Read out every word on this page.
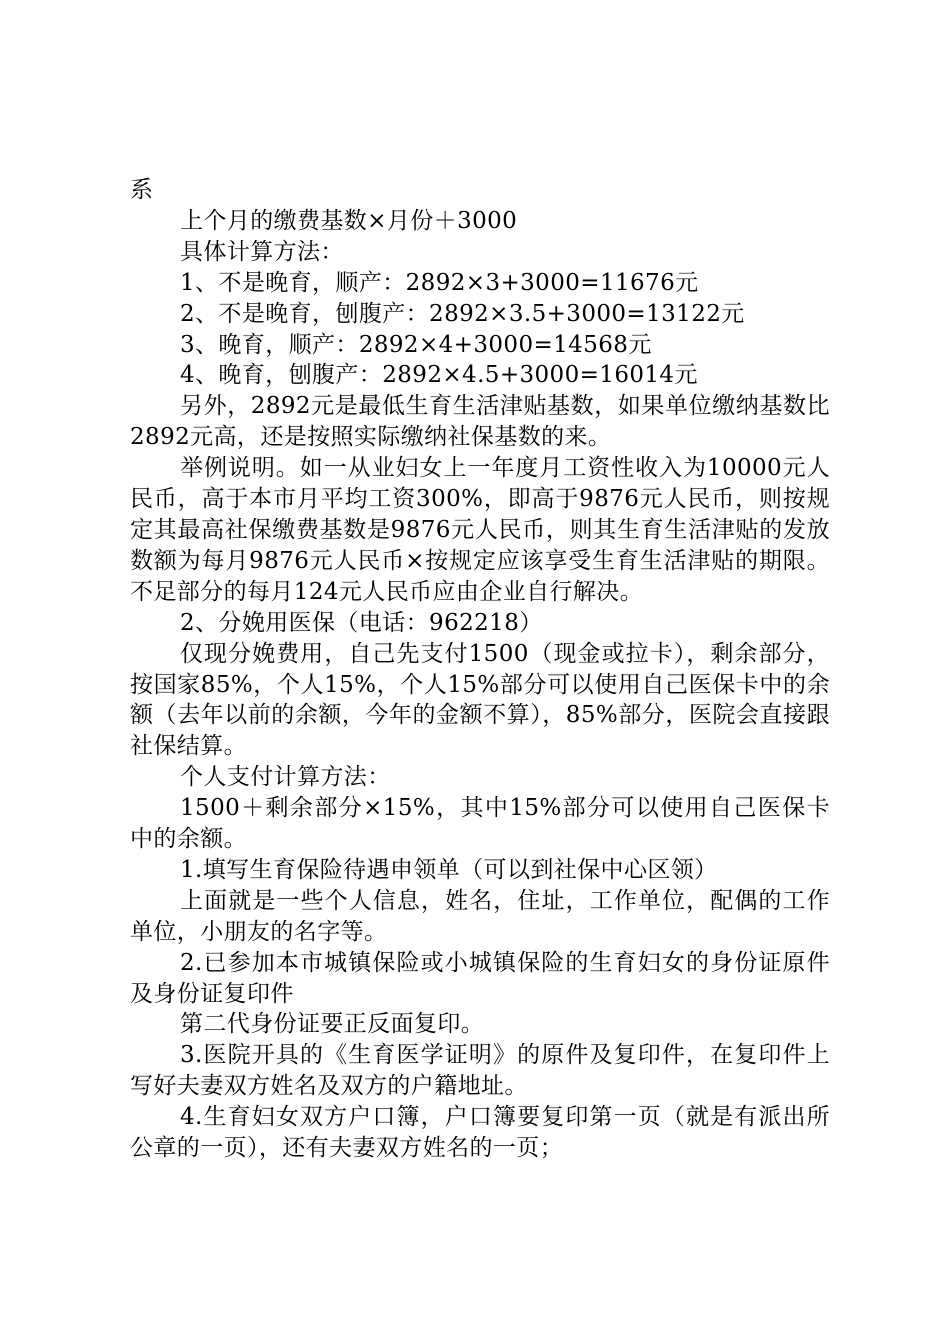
系

上个月的缴费基数×月份＋3000

具体计算方法：

1、不是晚育，顺产：2892×3+3000=11676元

2、不是晚育，刨腹产：2892×3.5+3000=13122元

3、晚育，顺产：2892×4+3000=14568元

4、晚育，刨腹产：2892×4.5+3000=16014元

另外，2892元是最低生育生活津贴基数，如果单位缴纳基数比2892元高，还是按照实际缴纳社保基数的来。

举例说明。如一从业妇女上一年度月工资性收入为10000元人民币，高于本市月平均工资300%，即高于9876元人民币，则按规定其最高社保缴费基数是9876元人民币，则其生育生活津贴的发放数额为每月9876元人民币×按规定应该享受生育生活津贴的期限。不足部分的每月124元人民币应由企业自行解决。

2、分娩用医保（电话：962218）

仅现分娩费用，自己先支付1500（现金或拉卡），剩余部分，按国家85%，个人15%，个人15%部分可以使用自己医保卡中的余额（去年以前的余额，今年的金额不算），85%部分，医院会直接跟社保结算。

个人支付计算方法：

1500＋剩余部分×15%，其中15%部分可以使用自己医保卡中的余额。

1.填写生育保险待遇申领单（可以到社保中心区领）

上面就是一些个人信息，姓名，住址，工作单位，配偶的工作单位，小朋友的名字等。

2.已参加本市城镇保险或小城镇保险的生育妇女的身份证原件及身份证复印件

第二代身份证要正反面复印。

3.医院开具的《生育医学证明》的原件及复印件，在复印件上写好夫妻双方姓名及双方的户籍地址。

4.生育妇女双方户口簿，户口簿要复印第一页（就是有派出所公章的一页），还有夫妻双方姓名的一页；
